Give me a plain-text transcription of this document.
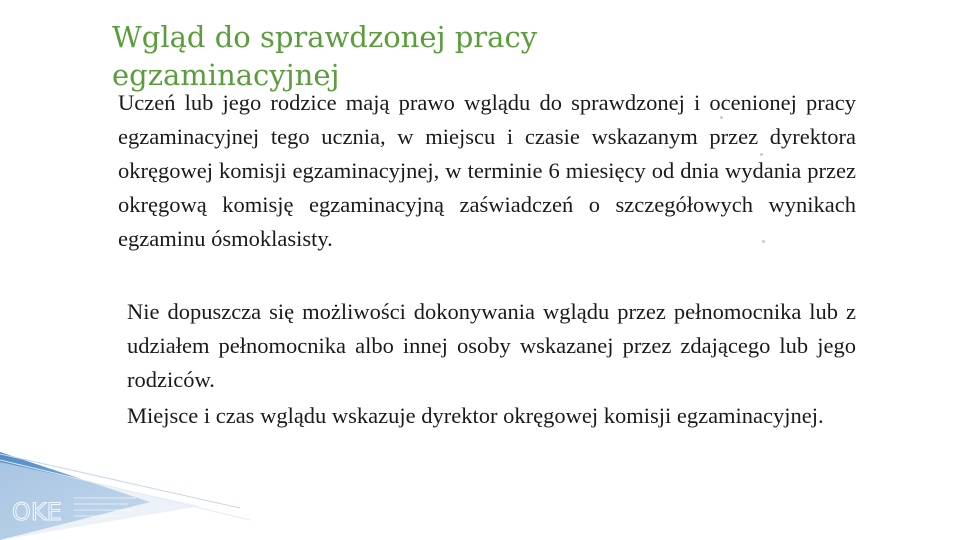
Wgląd do sprawdzonej pracy egzaminacyjnej

Uczeń lub jego rodzice mają prawo wglądu do sprawdzonej i ocenionej pracy egzaminacyjnej tego ucznia, w miejscu i czasie wskazanym przez dyrektora okręgowej komisji egzaminacyjnej, w terminie 6 miesięcy od dnia wydania przez okręgową komisję egzaminacyjną zaświadczeń o szczegółowych wynikach egzaminu ósmoklasisty.

Nie dopuszcza się możliwości dokonywania wglądu przez pełnomocnika lub z udziałem pełnomocnika albo innej osoby wskazanej przez zdającego lub jego rodziców.

Miejsce i czas wglądu wskazuje dyrektor okręgowej komisji egzaminacyjnej.

OKE
